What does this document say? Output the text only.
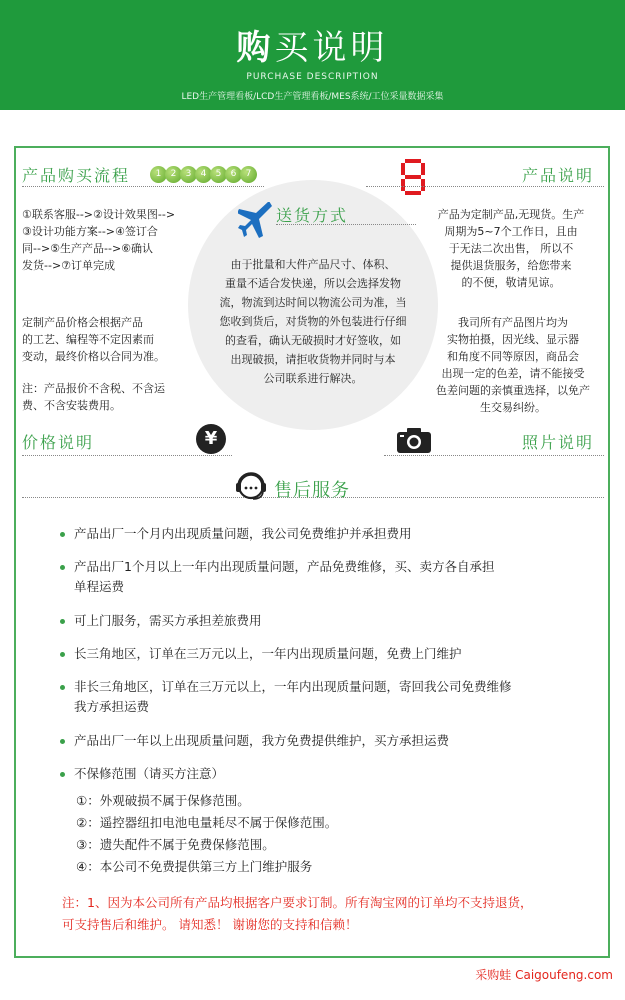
购买说明
PURCHASE DESCRIPTION
LED生产管理看板/LCD生产管理看板/MES系统/工位采量数据采集
产品购买流程	1	2	3	4	5	6	7	产品说明
送货方式
①联系客服-->②设计效果图-->
③设计功能方案-->④签订合
同-->⑤生产产品-->⑥确认
发货-->⑦订单完成
定制产品价格会根据产品
的工艺、编程等不定因素而
变动，最终价格以合同为准。
注：产品报价不含税、不含运
费、不含安装费用。
产品为定制产品,无现货。生产
周期为5~7个工作日，且由
于无法二次出售， 所以不
提供退货服务，给您带来
的不便，敬请见谅。
我司所有产品图片均为
实物拍摄，因光线、显示器
和角度不同等原因，商品会
出现一定的色差，请不能接受
色差问题的亲慎重选择，以免产
生交易纠纷。
由于批量和大件产品尺寸、体积、
重量不适合发快递，所以会选择发物
流，物流到达时间以物流公司为准，当
您收到货后，对货物的外包装进行仔细
的查看，确认无破损时才好签收，如
出现破损，请拒收货物并同时与本
公司联系进行解决。
价格说明	¥	照片说明
售后服务
产品出厂一个月内出现质量问题，我公司免费维护并承担费用
产品出厂1个月以上一年内出现质量问题，产品免费维修，买、卖方各自承担
单程运费
可上门服务，需买方承担差旅费用
长三角地区，订单在三万元以上，一年内出现质量问题，免费上门维护
非长三角地区，订单在三万元以上，一年内出现质量问题，寄回我公司免费维修
我方承担运费
产品出厂一年以上出现质量问题，我方免费提供维护，买方承担运费
不保修范围（请买方注意）
①：外观破损不属于保修范围。
②：遥控器纽扣电池电量耗尽不属于保修范围。
③：遗失配件不属于免费保修范围。
④：本公司不免费提供第三方上门维护服务
注：1、因为本公司所有产品均根据客户要求订制。所有淘宝网的订单均不支持退货，
可支持售后和维护。 请知悉！ 谢谢您的支持和信赖！
采购蛙 Caigoufeng.com
